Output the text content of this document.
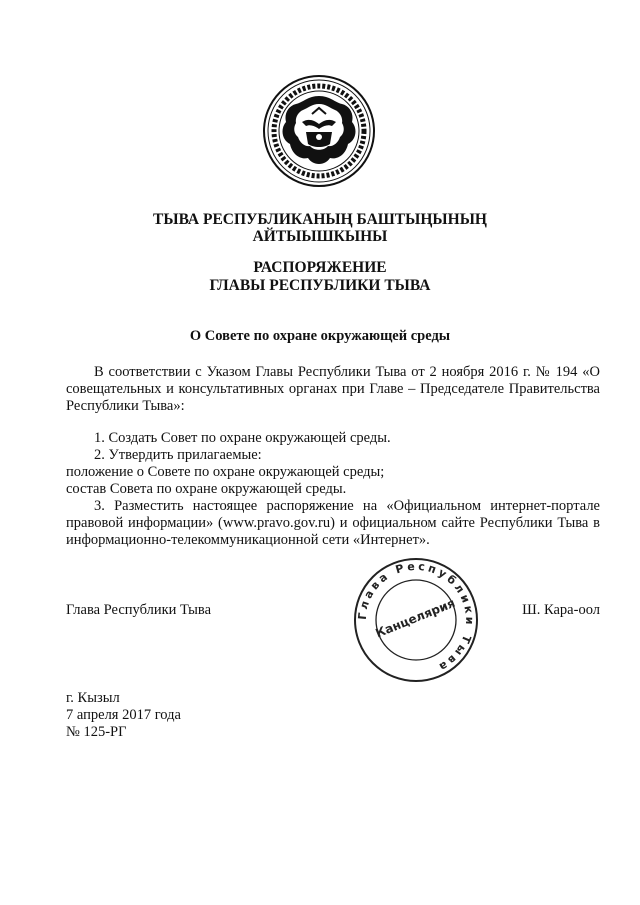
ТЫВА РЕСПУБЛИКАНЫҢ БАШТЫҢЫНЫҢ
АЙТЫЫШКЫНЫ
РАСПОРЯЖЕНИЕ
ГЛАВЫ РЕСПУБЛИКИ ТЫВА
О Совете по охране окружающей среды

В соответствии с Указом Главы Республики Тыва от 2 ноября 2016 г. № 194 «О совещательных и консультативных органах при Главе – Председателе Правительства Республики Тыва»:

1. Создать Совет по охране окружающей среды.

2. Утвердить прилагаемые:

положение о Совете по охране окружающей среды;

состав Совета по охране окружающей среды.

3. Разместить настоящее распоряжение на «Официальном интернет-портале правовой информации» (www.pravo.gov.ru) и официальном сайте Республики Тыва в информационно-телекоммуникационной сети «Интернет».

Глава Республики Тыва	Ш. Кара-оол
Глава Республики Тыва
Канцелярия
г. Кызыл
7 апреля 2017 года
№ 125-РГ
